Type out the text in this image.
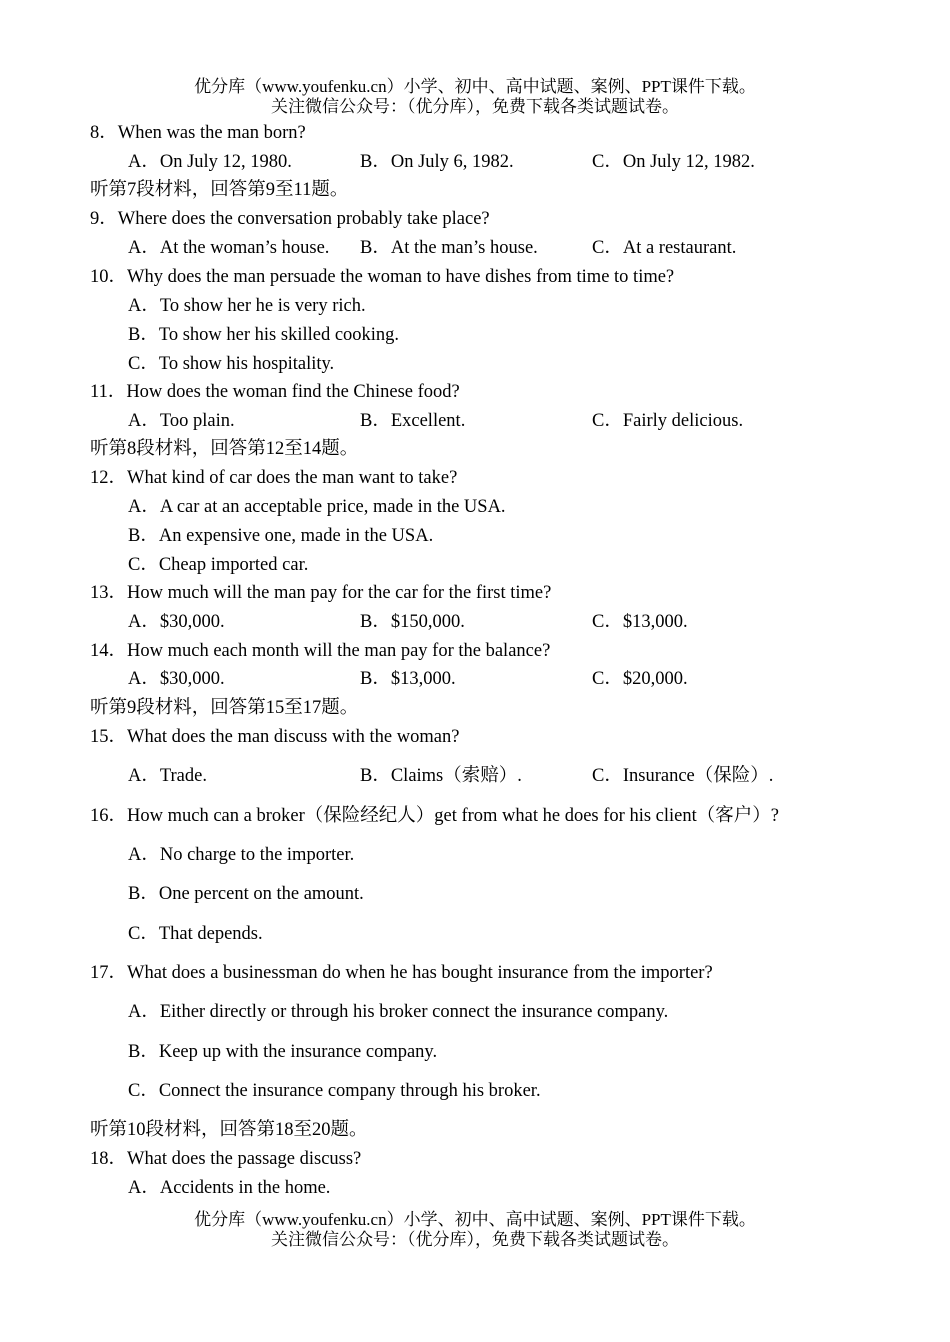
优分库（www.youfenku.cn）小学、初中、高中试题、案例、PPT课件下载。
关注微信公众号：（优分库），免费下载各类试题试卷。
8．When was the man born?
A．On July 12, 1980.	B．On July 6, 1982.	C．On July 12, 1982.
听第7段材料，回答第9至11题。
9．Where does the conversation probably take place?
A．At the woman’s house. B．At the man’s house.	C．At a restaurant.
10．Why does the man persuade the woman to have dishes from time to time?
A．To show her he is very rich.
B．To show her his skilled cooking.
C．To show his hospitality.
11．How does the woman find the Chinese food?
A．Too plain.	B．Excellent.	C．Fairly delicious.
听第8段材料，回答第12至14题。
12．What kind of car does the man want to take?
A．A car at an acceptable price, made in the USA.
B．An expensive one, made in the USA.
C．Cheap imported car.
13．How much will the man pay for the car for the first time?
A．$30,000.	B．$150,000.	C．$13,000.
14．How much each month will the man pay for the balance?
A．$30,000.	B．$13,000.	C．$20,000.
听第9段材料，回答第15至17题。
15．What does the man discuss with the woman?
A．Trade.	B．Claims（索赔）.	C．Insurance（保险）.
16．How much can a broker（保险经纪人）get from what he does for his client（客户）?
A．No charge to the importer.
B．One percent on the amount.
C．That depends.
17．What does a businessman do when he has bought insurance from the importer?
A．Either directly or through his broker connect the insurance company.
B．Keep up with the insurance company.
C．Connect the insurance company through his broker.
听第10段材料，回答第18至20题。
18．What does the passage discuss?
A．Accidents in the home.
优分库（www.youfenku.cn）小学、初中、高中试题、案例、PPT课件下载。
关注微信公众号：（优分库），免费下载各类试题试卷。
